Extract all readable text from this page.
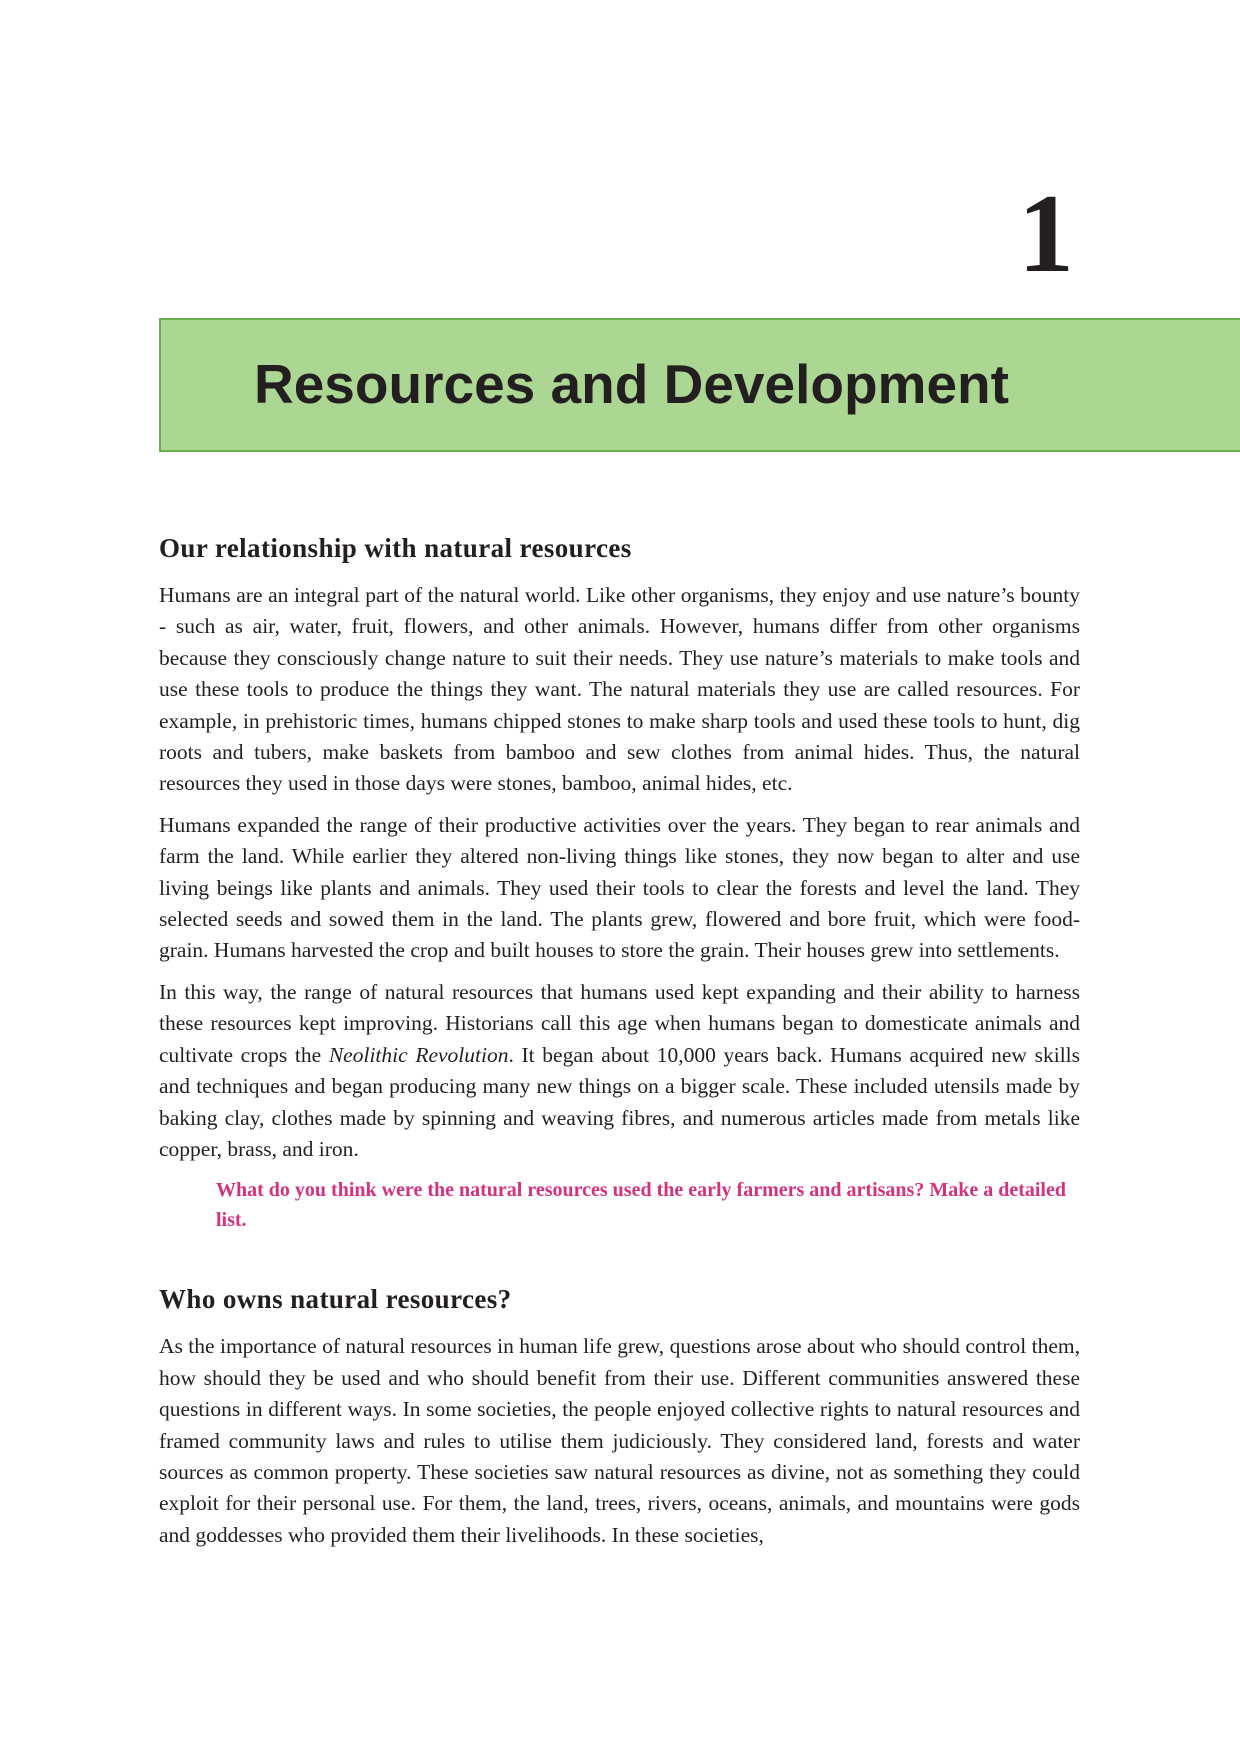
1
Resources and Development
Our relationship with natural resources

Humans are an integral part of the natural world. Like other organisms, they enjoy and use nature’s bounty - such as air, water, fruit, flowers, and other animals. However, humans differ from other organisms because they consciously change nature to suit their needs. They use nature’s materials to make tools and use these tools to produce the things they want. The natural materials they use are called resources. For example, in prehistoric times, humans chipped stones to make sharp tools and used these tools to hunt, dig roots and tubers, make baskets from bamboo and sew clothes from animal hides. Thus, the natural resources they used in those days were stones, bamboo, animal hides, etc.

Humans expanded the range of their productive activities over the years. They began to rear animals and farm the land. While earlier they altered non-living things like stones, they now began to alter and use living beings like plants and animals. They used their tools to clear the forests and level the land. They selected seeds and sowed them in the land. The plants grew, flowered and bore fruit, which were food-grain. Humans harvested the crop and built houses to store the grain. Their houses grew into settlements.

In this way, the range of natural resources that humans used kept expanding and their ability to harness these resources kept improving. Historians call this age when humans began to domesticate animals and cultivate crops the Neolithic Revolution. It began about 10,000 years back. Humans acquired new skills and techniques and began producing many new things on a bigger scale. These included utensils made by baking clay, clothes made by spinning and weaving fibres, and numerous articles made from metals like copper, brass, and iron.

What do you think were the natural resources used the early farmers and artisans? Make a detailed list.

Who owns natural resources?

As the importance of natural resources in human life grew, questions arose about who should control them, how should they be used and who should benefit from their use. Different communities answered these questions in different ways. In some societies, the people enjoyed collective rights to natural resources and framed community laws and rules to utilise them judiciously. They considered land, forests and water sources as common property. These societies saw natural resources as divine, not as something they could exploit for their personal use. For them, the land, trees, rivers, oceans, animals, and mountains were gods and goddesses who provided them their livelihoods. In these societies,
